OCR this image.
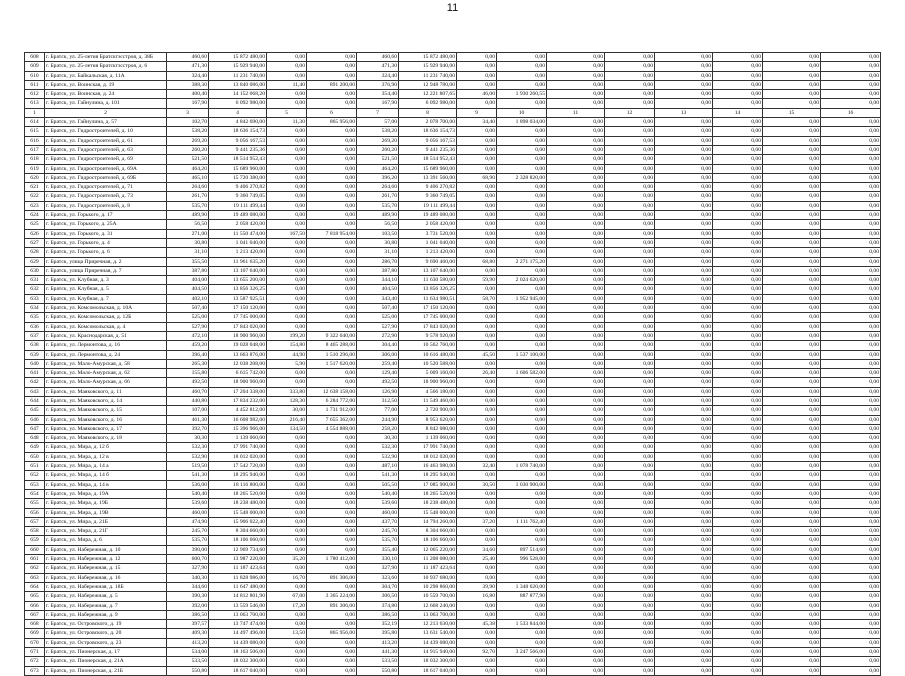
11
608	г. Братск, ул. 25-летия Братскгэсстроя, д. 38Б	460,60	15 872 480,00	0,00	0,00	460,60	15 872 480,00	0,00	0,00	0,00	0,00	0,00	0,00	0,00	0,00
609	г. Братск, ул. 25-летия Братскгэсстроя, д. 6	471,30	15 929 940,00	0,00	0,00	471,30	15 929 940,00	0,00	0,00	0,00	0,00	0,00	0,00	0,00	0,00
610	г. Братск, ул. Байкальская, д. 11А	324,40	11 231 740,00	0,00	0,00	324,40	11 231 740,00	0,00	0,00	0,00	0,00	0,00	0,00	0,00	0,00
611	г. Братск, ул. Воинская, д. 19	388,30	13 840 086,00	11,40	891 200,00	376,90	12 948 780,00	0,00	0,00	0,00	0,00	0,00	0,00	0,00	0,00
612	г. Братск, ул. Воинская, д. 24	400,40	14 152 068,20	0,00	0,00	354,40	12 221 807,65	46,00	1 930 260,55	0,00	0,00	0,00	0,00	0,00	0,00
613	г. Братск, ул. Гайнулина, д. 101	167,90	6 092 980,00	0,00	0,00	167,90	6 092 980,00	0,00	0,00	0,00	0,00	0,00	0,00	0,00	0,00
1	2	3	4	5	6	7	8	9	10	11	12	13	14	15	16
614	г. Братск, ул. Гайнулина, д. 57	102,70	4 842 690,00	11,30	865 956,00	57,00	2 078 700,00	34,40	1 898 034,00	0,00	0,00	0,00	0,00	0,00	0,00
615	г. Братск, ул. Гидростроителей, д. 10	538,20	18 636 154,73	0,00	0,00	538,20	18 636 154,73	0,00	0,00	0,00	0,00	0,00	0,00	0,00	0,00
616	г. Братск, ул. Гидростроителей, д. 61	269,20	9 056 167,53	0,00	0,00	269,20	9 056 167,53	0,00	0,00	0,00	0,00	0,00	0,00	0,00	0,00
617	г. Братск, ул. Гидростроителей, д. 63	260,20	9 441 235,36	0,00	0,00	260,20	9 441 235,36	0,00	0,00	0,00	0,00	0,00	0,00	0,00	0,00
618	г. Братск, ул. Гидростроителей, д. 69	521,50	18 514 952,43	0,00	0,00	521,50	18 514 952,43	0,00	0,00	0,00	0,00	0,00	0,00	0,00	0,00
619	г. Братск, ул. Гидростроителей, д. 69А	464,20	15 689 960,00	0,00	0,00	464,20	15 689 960,00	0,00	0,00	0,00	0,00	0,00	0,00	0,00	0,00
620	г. Братск, ул. Гидростроителей, д. 69Б	465,10	15 720 380,00	0,00	0,00	396,20	13 391 560,00	68,90	2 328 820,00	0,00	0,00	0,00	0,00	0,00	0,00
621	г. Братск, ул. Гидростроителей, д. 71	264,60	9 406 270,82	0,00	0,00	264,60	9 406 270,82	0,00	0,00	0,00	0,00	0,00	0,00	0,00	0,00
622	г. Братск, ул. Гидростроителей, д. 73	261,70	9 360 749,05	0,00	0,00	261,70	9 360 749,05	0,00	0,00	0,00	0,00	0,00	0,00	0,00	0,00
623	г. Братск, ул. Гидростроителей, д. 8	535,70	19 111 499,44	0,00	0,00	535,70	19 111 499,44	0,00	0,00	0,00	0,00	0,00	0,00	0,00	0,00
624	г. Братск, ул. Горького, д. 17	489,90	19 489 080,00	0,00	0,00	489,90	19 489 080,00	0,00	0,00	0,00	0,00	0,00	0,00	0,00	0,00
625	г. Братск, ул. Горького, д. 25А	56,50	2 058 420,00	0,00	0,00	56,50	2 058 420,00	0,00	0,00	0,00	0,00	0,00	0,00	0,00	0,00
626	г. Братск, ул. Горького, д. 31	271,00	11 550 474,00	167,50	7 818 954,00	103,50	3 731 520,00	0,00	0,00	0,00	0,00	0,00	0,00	0,00	0,00
627	г. Братск, ул. Горького, д. 4	30,80	1 041 040,00	0,00	0,00	30,80	1 041 040,00	0,00	0,00	0,00	0,00	0,00	0,00	0,00	0,00
628	г. Братск, ул. Горького, д. 6	31,10	1 213 420,00	0,00	0,00	31,10	1 213 420,00	0,00	0,00	0,00	0,00	0,00	0,00	0,00	0,00
629	г. Братск, улица Приречная, д. 2	355,50	11 961 635,20	0,00	0,00	286,70	9 690 460,00	68,80	2 271 175,20	0,00	0,00	0,00	0,00	0,00	0,00
630	г. Братск, улица Приречная, д. 7	387,80	13 107 640,00	0,00	0,00	387,80	13 107 640,00	0,00	0,00	0,00	0,00	0,00	0,00	0,00	0,00
631	г. Братск, ул. Клубная, д. 3	404,00	13 655 200,00	0,00	0,00	344,10	11 630 580,00	59,90	2 024 620,00	0,00	0,00	0,00	0,00	0,00	0,00
632	г. Братск, ул. Клубная, д. 5	404,50	13 856 326,25	0,00	0,00	404,50	13 856 326,25	0,00	0,00	0,00	0,00	0,00	0,00	0,00	0,00
633	г. Братск, ул. Клубная, д. 7	402,10	13 587 925,51	0,00	0,00	343,40	11 634 980,51	58,70	1 952 945,00	0,00	0,00	0,00	0,00	0,00	0,00
634	г. Братск, ул. Комсомольская, д. 10А	507,40	17 150 120,00	0,00	0,00	507,40	17 150 120,00	0,00	0,00	0,00	0,00	0,00	0,00	0,00	0,00
635	г. Братск, ул. Комсомольская, д. 12Б	525,00	17 745 000,00	0,00	0,00	525,00	17 745 000,00	0,00	0,00	0,00	0,00	0,00	0,00	0,00	0,00
636	г. Братск, ул. Комсомольская, д. 4	527,90	17 843 020,00	0,00	0,00	527,90	17 843 020,00	0,00	0,00	0,00	0,00	0,00	0,00	0,00	0,00
637	г. Братск, ул. Краснодарская, д. 51	472,10	18 900 960,00	199,20	9 322 040,00	272,90	9 578 920,00	0,00	0,00	0,00	0,00	0,00	0,00	0,00	0,00
638	г. Братск, ул. Лермонтова, д. 16	459,20	19 028 048,00	154,80	8 465 288,00	304,40	10 562 760,00	0,00	0,00	0,00	0,00	0,00	0,00	0,00	0,00
639	г. Братск, ул. Лермонтова, д. 24	396,40	13 663 876,00	44,90	1 510 296,00	306,00	10 616 480,00	45,50	1 537 100,00	0,00	0,00	0,00	0,00	0,00	0,00
640	г. Братск, ул. Мало-Амурская, д. 58	265,30	12 038 208,00	5,90	1 517 620,00	259,40	10 520 588,00	0,00	0,00	0,00	0,00	0,00	0,00	0,00	0,00
641	г. Братск, ул. Мало-Амурская, д. 62	155,80	6 615 742,00	0,00	0,00	129,40	5 009 160,00	26,40	1 606 582,00	0,00	0,00	0,00	0,00	0,00	0,00
642	г. Братск, ул. Мало-Амурская, д. 66	492,50	18 900 960,00	0,00	0,00	492,50	18 900 960,00	0,00	0,00	0,00	0,00	0,00	0,00	0,00	0,00
643	г. Братск, ул. Маяковского, д. 11	460,70	17 204 338,00	333,80	12 638 158,00	126,90	4 566 180,00	0,00	0,00	0,00	0,00	0,00	0,00	0,00	0,00
644	г. Братск, ул. Маяковского, д. 14	440,80	17 834 232,00	128,30	6 284 772,00	312,50	11 549 460,00	0,00	0,00	0,00	0,00	0,00	0,00	0,00	0,00
645	г. Братск, ул. Маяковского, д. 15	107,00	4 452 812,00	30,00	1 731 912,00	77,00	2 720 900,00	0,00	0,00	0,00	0,00	0,00	0,00	0,00	0,00
646	г. Братск, ул. Маяковского, д. 16	461,30	16 608 982,00	216,40	7 655 362,00	244,90	8 953 620,00	0,00	0,00	0,00	0,00	0,00	0,00	0,00	0,00
647	г. Братск, ул. Маяковского, д. 17	392,70	15 396 966,00	134,50	4 554 888,00	258,20	8 842 080,00	0,00	0,00	0,00	0,00	0,00	0,00	0,00	0,00
648	г. Братск, ул. Маяковского, д. 18	30,30	1 139 060,00	0,00	0,00	30,30	1 139 060,00	0,00	0,00	0,00	0,00	0,00	0,00	0,00	0,00
649	г. Братск, ул. Мира, д. 12 б	532,30	17 991 740,00	0,00	0,00	532,30	17 991 740,00	0,00	0,00	0,00	0,00	0,00	0,00	0,00	0,00
650	г. Братск, ул. Мира, д. 12 в	532,90	18 012 020,00	0,00	0,00	532,90	18 012 020,00	0,00	0,00	0,00	0,00	0,00	0,00	0,00	0,00
651	г. Братск, ул. Мира, д. 14 а	519,50	17 542 720,00	0,00	0,00	487,10	16 463 980,00	32,40	1 078 740,00	0,00	0,00	0,00	0,00	0,00	0,00
652	г. Братск, ул. Мира, д. 14 б	541,30	18 295 940,00	0,00	0,00	541,30	18 295 940,00	0,00	0,00	0,00	0,00	0,00	0,00	0,00	0,00
653	г. Братск, ул. Мира, д. 14 в	536,00	18 116 800,00	0,00	0,00	505,50	17 085 900,00	30,50	1 030 900,00	0,00	0,00	0,00	0,00	0,00	0,00
654	г. Братск, ул. Мира, д. 19А	540,40	18 265 520,00	0,00	0,00	540,40	18 265 520,00	0,00	0,00	0,00	0,00	0,00	0,00	0,00	0,00
655	г. Братск, ул. Мира, д. 19Б	539,60	18 238 480,00	0,00	0,00	539,60	18 238 480,00	0,00	0,00	0,00	0,00	0,00	0,00	0,00	0,00
656	г. Братск, ул. Мира, д. 19В	460,00	15 548 000,00	0,00	0,00	460,00	15 548 000,00	0,00	0,00	0,00	0,00	0,00	0,00	0,00	0,00
657	г. Братск, ул. Мира, д. 21Б	474,90	15 906 022,40	0,00	0,00	437,70	14 794 260,00	37,20	1 111 762,40	0,00	0,00	0,00	0,00	0,00	0,00
658	г. Братск, ул. Мира, д. 21Г	245,70	8 304 660,00	0,00	0,00	245,70	8 304 660,00	0,00	0,00	0,00	0,00	0,00	0,00	0,00	0,00
659	г. Братск, ул. Мира, д. 6	535,70	18 106 660,00	0,00	0,00	535,70	18 106 660,00	0,00	0,00	0,00	0,00	0,00	0,00	0,00	0,00
660	г. Братск, ул. Набережная, д. 10	390,00	12 969 734,60	0,00	0,00	355,40	12 065 220,00	34,60	897 514,60	0,00	0,00	0,00	0,00	0,00	0,00
661	г. Братск, ул. Набережная, д. 12	600,70	13 987 220,00	35,20	1 780 412,00	330,10	11 208 080,00	25,40	996 528,00	0,00	0,00	0,00	0,00	0,00	0,00
662	г. Братск, ул. Набережная, д. 15	327,90	11 187 423,64	0,00	0,00	327,90	11 187 423,64	0,00	0,00	0,00	0,00	0,00	0,00	0,00	0,00
663	г. Братск, ул. Набережная, д. 16	340,30	11 828 986,00	16,70	891 306,00	323,60	10 937 680,00	0,00	0,00	0,00	0,00	0,00	0,00	0,00	0,00
664	г. Братск, ул. Набережная, д. 18Б	344,60	11 647 480,00	0,00	0,00	304,70	10 298 860,00	39,90	1 348 620,00	0,00	0,00	0,00	0,00	0,00	0,00
665	г. Братск, ул. Набережная, д. 5	390,30	14 812 801,90	67,00	3 365 224,00	306,50	10 559 700,00	16,80	887 877,90	0,00	0,00	0,00	0,00	0,00	0,00
666	г. Братск, ул. Набережная, д. 7	392,00	13 559 546,00	17,20	891 306,00	374,80	12 668 240,00	0,00	0,00	0,00	0,00	0,00	0,00	0,00	0,00
667	г. Братск, ул. Набережная, д. 9	386,50	13 063 700,00	0,00	0,00	386,50	13 063 700,00	0,00	0,00	0,00	0,00	0,00	0,00	0,00	0,00
668	г. Братск, ул. Островского, д. 19	397,57	13 747 474,00	0,00	0,00	352,19	12 213 630,00	45,38	1 533 844,00	0,00	0,00	0,00	0,00	0,00	0,00
669	г. Братск, ул. Островского, д. 20	409,30	14 497 496,00	13,50	865 956,00	395,80	13 631 540,00	0,00	0,00	0,00	0,00	0,00	0,00	0,00	0,00
670	г. Братск, ул. Островского, д. 23	413,20	14 439 080,00	0,00	0,00	413,20	14 439 080,00	0,00	0,00	0,00	0,00	0,00	0,00	0,00	0,00
671	г. Братск, ул. Пионерская, д. 17	534,00	18 163 506,00	0,00	0,00	441,30	14 915 940,00	92,70	3 247 566,00	0,00	0,00	0,00	0,00	0,00	0,00
672	г. Братск, ул. Пионерская, д. 21А	533,50	18 032 300,00	0,00	0,00	533,50	18 032 300,00	0,00	0,00	0,00	0,00	0,00	0,00	0,00	0,00
673	г. Братск, ул. Пионерская, д. 21Б	550,80	18 617 040,00	0,00	0,00	550,80	18 617 040,00	0,00	0,00	0,00	0,00	0,00	0,00	0,00	0,00
